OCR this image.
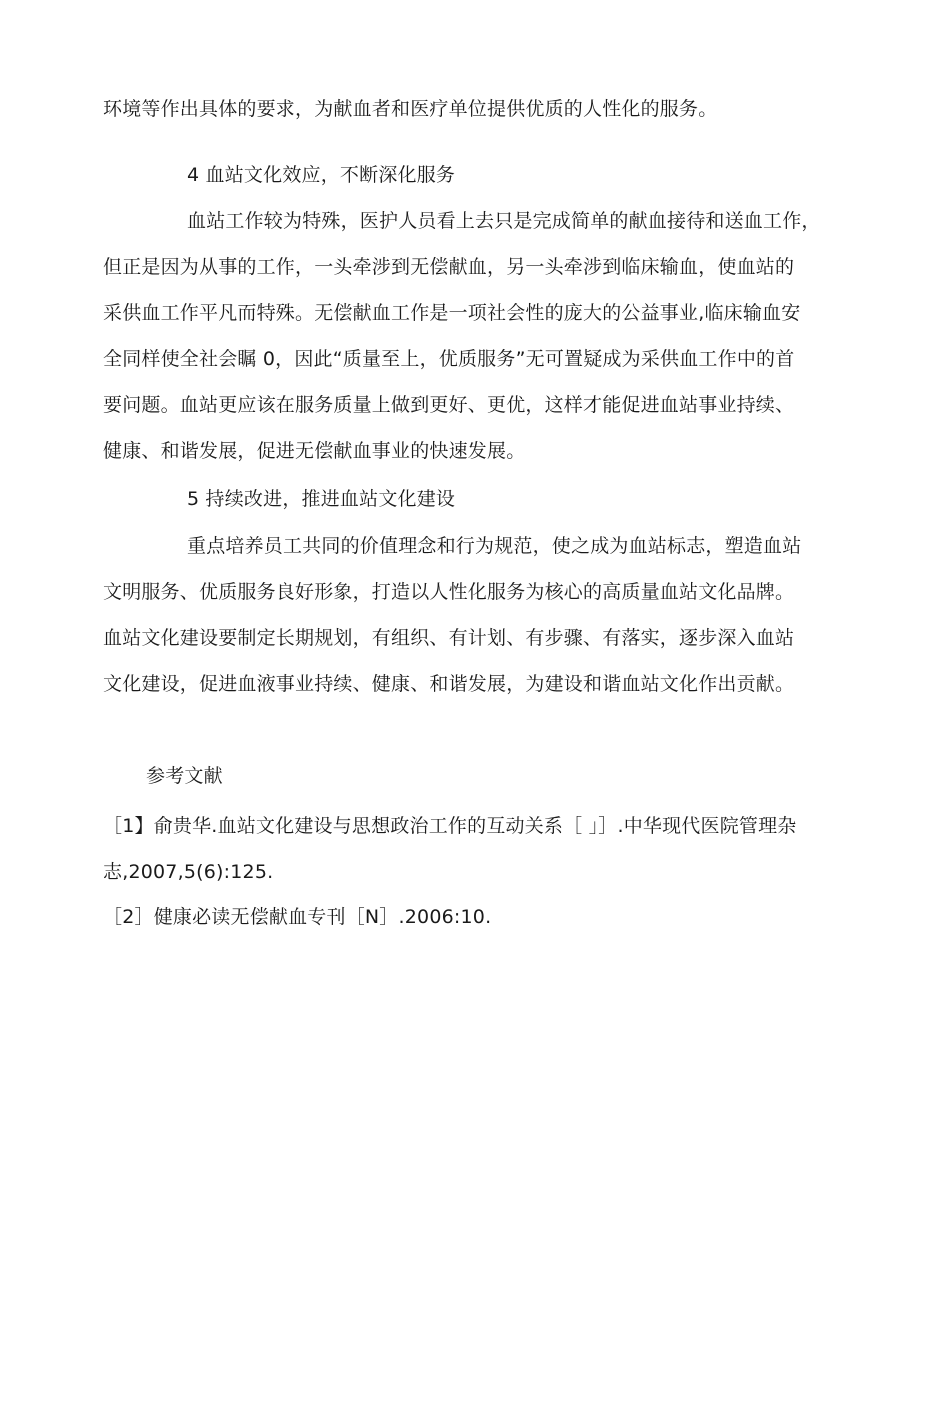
环境等作出具体的要求，为献血者和医疗单位提供优质的人性化的服务。
4 血站文化效应，不断深化服务
血站工作较为特殊，医护人员看上去只是完成简单的献血接待和送血工作，
但正是因为从事的工作，一头牵涉到无偿献血，另一头牵涉到临床输血，使血站的
采供血工作平凡而特殊。无偿献血工作是一项社会性的庞大的公益事业,临床输血安
全同样使全社会瞩 0，因此“质量至上，优质服务”无可置疑成为采供血工作中的首
要问题。血站更应该在服务质量上做到更好、更优，这样才能促进血站事业持续、
健康、和谐发展，促进无偿献血事业的快速发展。
5 持续改进，推进血站文化建设
重点培养员工共同的价值理念和行为规范，使之成为血站标志，塑造血站
文明服务、优质服务良好形象，打造以人性化服务为核心的高质量血站文化品牌。
血站文化建设要制定长期规划，有组织、有计划、有步骤、有落实，逐步深入血站
文化建设，促进血液事业持续、健康、和谐发展，为建设和谐血站文化作出贡献。
参考文献
［1】俞贵华.血站文化建设与思想政治工作的互动关系［ 」］.中华现代医院管理杂
志,2007,5(6):125.
［2］健康必读无偿献血专刊［N］.2006:10.
